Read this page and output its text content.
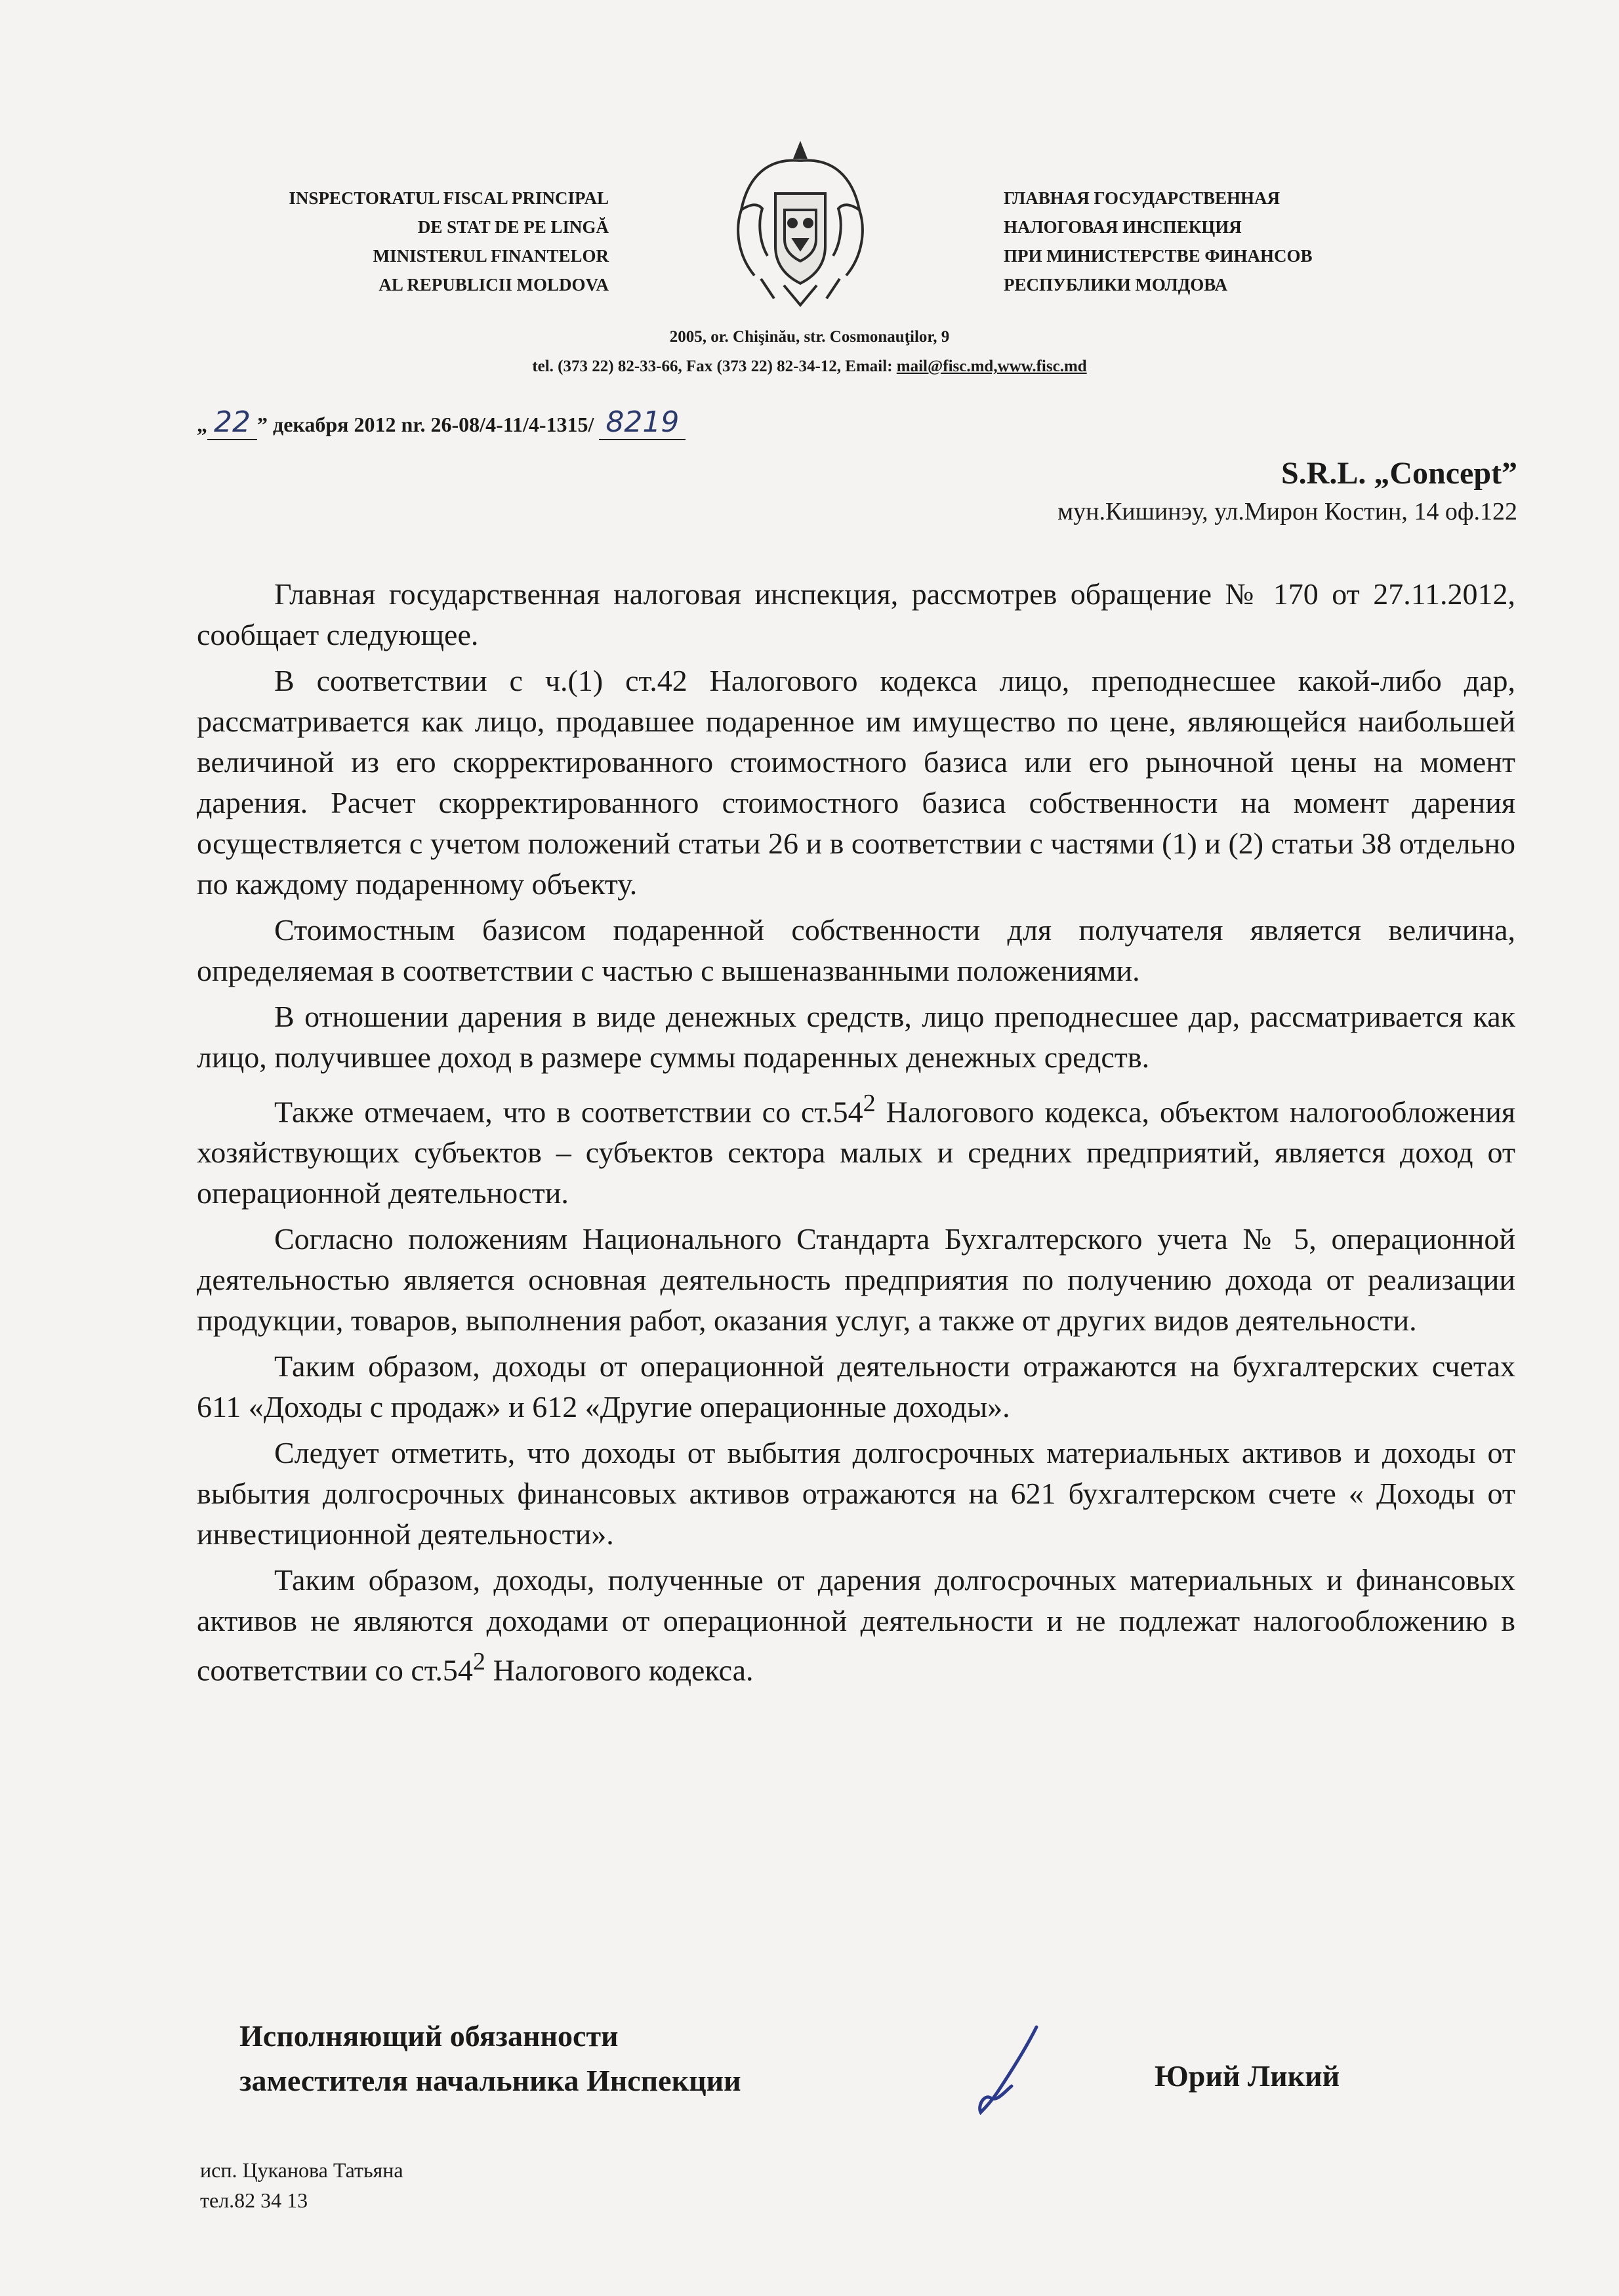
INSPECTORATUL FISCAL PRINCIPAL
DE STAT DE PE LINGĂ
MINISTERUL FINANTELOR
AL REPUBLICII MOLDOVA
ГЛАВНАЯ ГОСУДАРСТВЕННАЯ
НАЛОГОВАЯ ИНСПЕКЦИЯ
ПРИ МИНИСТЕРСТВЕ ФИНАНСОВ
РЕСПУБЛИКИ МОЛДОВА
2005, or. Chişinău, str. Cosmonauţilor, 9
tel. (373 22) 82-33-66, Fax (373 22) 82-34-12, Email: mail@fisc.md,www.fisc.md
„ 22 ” декабря 2012 nr. 26-08/4-11/4-1315/ 8219
S.R.L. „Concept”
мун.Кишинэу, ул.Мирон Костин, 14 оф.122

Главная государственная налоговая инспекция, рассмотрев обращение № 170 от 27.11.2012, сообщает следующее.

В соответствии с ч.(1) ст.42 Налогового кодекса лицо, преподнесшее какой-либо дар, рассматривается как лицо, продавшее подаренное им имущество по цене, являющейся наибольшей величиной из его скорректированного стоимостного базиса или его рыночной цены на момент дарения. Расчет скорректированного стоимостного базиса собственности на момент дарения осуществляется с учетом положений статьи 26 и в соответствии с частями (1) и (2) статьи 38 отдельно по каждому подаренному объекту.

Стоимостным базисом подаренной собственности для получателя является величина, определяемая в соответствии с частью с вышеназванными положениями.

В отношении дарения в виде денежных средств, лицо преподнесшее дар, рассматривается как лицо, получившее доход в размере суммы подаренных денежных средств.

Также отмечаем, что в соответствии со $ст.54^2$ Налогового кодекса, объектом налогообложения хозяйствующих субъектов – субъектов сектора малых и средних предприятий, является доход от операционной деятельности.

Согласно положениям Национального Стандарта Бухгалтерского учета № 5, операционной деятельностью является основная деятельность предприятия по получению дохода от реализации продукции, товаров, выполнения работ, оказания услуг, а также от других видов деятельности.

Таким образом, доходы от операционной деятельности отражаются на бухгалтерских счетах 611 «Доходы с продаж» и 612 «Другие операционные доходы».

Следует отметить, что доходы от выбытия долгосрочных материальных активов и доходы от выбытия долгосрочных финансовых активов отражаются на 621 бухгалтерском счете « Доходы от инвестиционной деятельности».

Таким образом, доходы, полученные от дарения долгосрочных материальных и финансовых активов не являются доходами от операционной деятельности и не подлежат налогообложению в соответствии со $ст.54^2$ Налогового кодекса.

Исполняющий обязанности
заместителя начальника Инспекции	Юрий Ликий
исп. Цуканова Татьяна
тел.82 34 13
